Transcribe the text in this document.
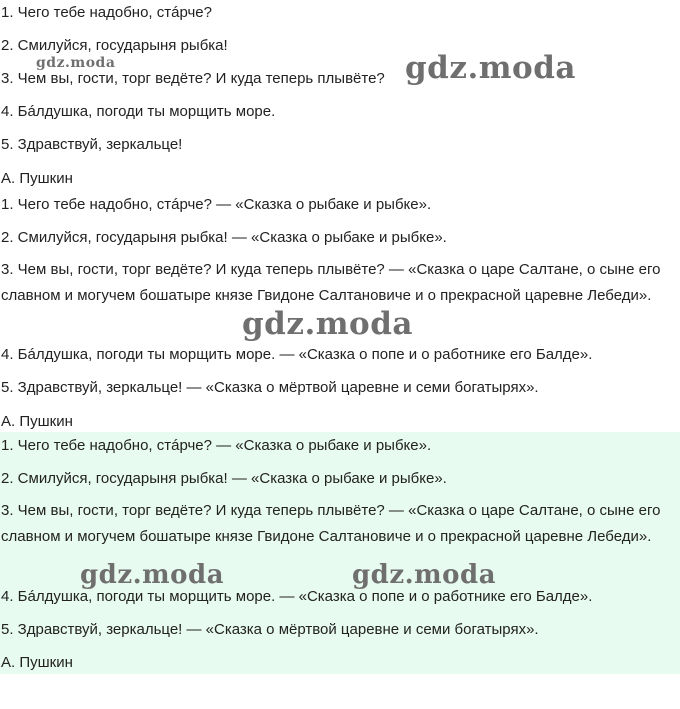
1. Чего тебе надобно, стáрче?

2. Смилуйся, государыня рыбка!

3. Чем вы, гости, торг ведёте? И куда теперь плывёте?

4. Бáлдушка, погоди ты морщить море.

5. Здравствуй, зеркальце!

А. Пушкин

1. Чего тебе надобно, стáрче? — «Сказка о рыбаке и рыбке».

2. Смилуйся, государыня рыбка! — «Сказка о рыбаке и рыбке».

3. Чем вы, гости, торг ведёте? И куда теперь плывёте? — «Сказка о царе Салтане, о сыне его славном и могучем бошатыре князе Гвидоне Салтановиче и о прекрасной царевне Лебеди».

4. Бáлдушка, погоди ты морщить море. — «Сказка о попе и о работнике его Балде».

5. Здравствуй, зеркальце! — «Сказка о мёртвой царевне и семи богатырях».

А. Пушкин

1. Чего тебе надобно, стáрче? — «Сказка о рыбаке и рыбке».

2. Смилуйся, государыня рыбка! — «Сказка о рыбаке и рыбке».

3. Чем вы, гости, торг ведёте? И куда теперь плывёте? — «Сказка о царе Салтане, о сыне его славном и могучем бошатыре князе Гвидоне Салтановиче и о прекрасной царевне Лебеди».

4. Бáлдушка, погоди ты морщить море. — «Сказка о попе и о работнике его Балде».

5. Здравствуй, зеркальце! — «Сказка о мёртвой царевне и семи богатырях».

А. Пушкин

gdz.moda	gdz.moda
gdz.moda
gdz.moda	gdz.moda
